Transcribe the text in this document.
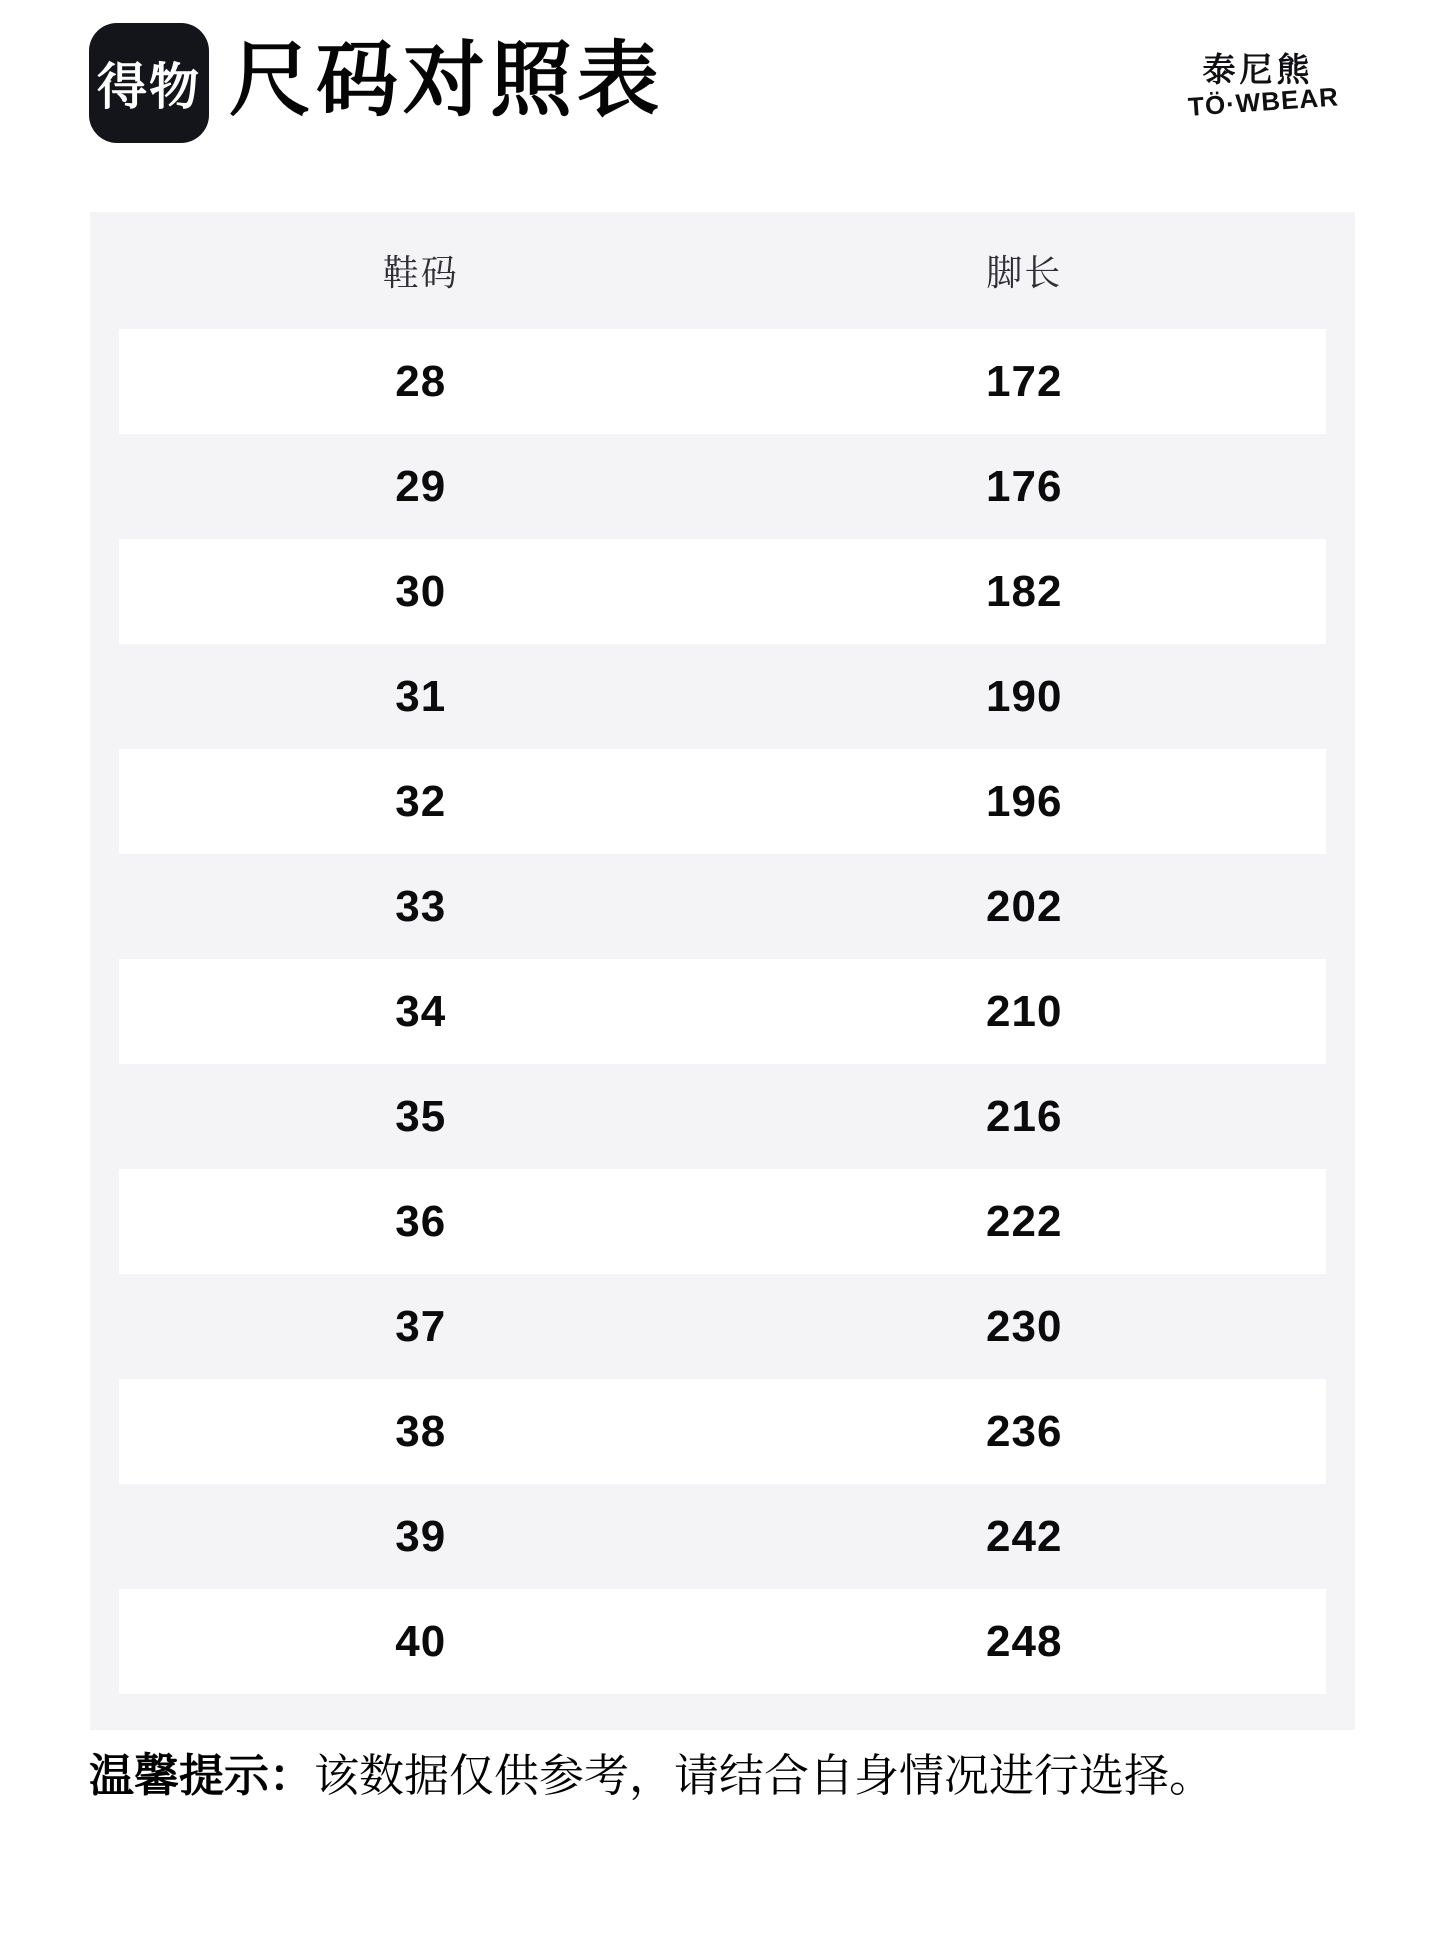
得物 尺码对照表	泰尼熊
TÖ·WBEAR
鞋码	脚长
28	172
29	176
30	182
31	190
32	196
33	202
34	210
35	216
36	222
37	230
38	236
39	242
40	248

温馨提示：该数据仅供参考，请结合自身情况进行选择。
